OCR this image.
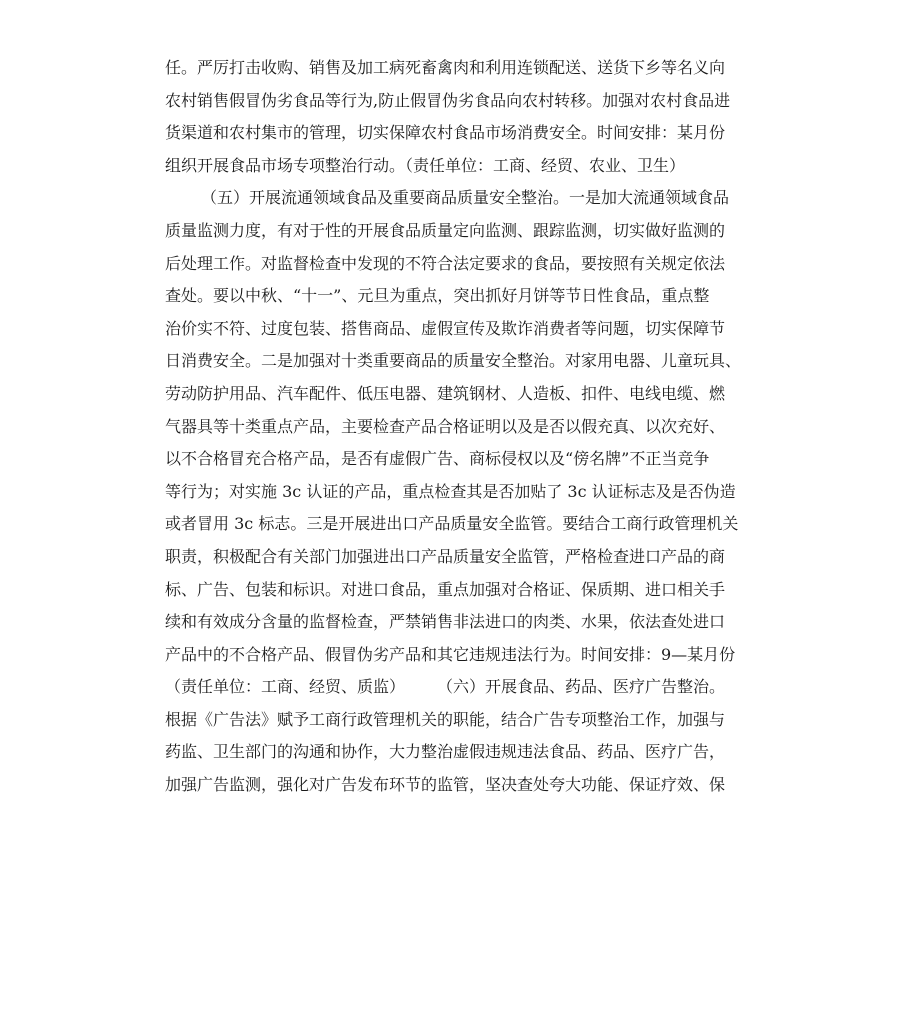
任。严厉打击收购、销售及加工病死畜禽肉和利用连锁配送、送货下乡等名义向
农村销售假冒伪劣食品等行为,防止假冒伪劣食品向农村转移。加强对农村食品进
货渠道和农村集市的管理，切实保障农村食品市场消费安全。时间安排：某月份
组织开展食品市场专项整治行动。（责任单位：工商、经贸、农业、卫生）
（五）开展流通领域食品及重要商品质量安全整治。一是加大流通领域食品
质量监测力度，有对于性的开展食品质量定向监测、跟踪监测，切实做好监测的
后处理工作。对监督检查中发现的不符合法定要求的食品，要按照有关规定依法
查处。要以中秋、“十一”、元旦为重点，突出抓好月饼等节日性食品，重点整
治价实不符、过度包装、搭售商品、虚假宣传及欺诈消费者等问题，切实保障节
日消费安全。二是加强对十类重要商品的质量安全整治。对家用电器、儿童玩具、
劳动防护用品、汽车配件、低压电器、建筑钢材、人造板、扣件、电线电缆、燃
气器具等十类重点产品，主要检查产品合格证明以及是否以假充真、以次充好、
以不合格冒充合格产品，是否有虚假广告、商标侵权以及“傍名牌”不正当竞争
等行为；对实施 3c 认证的产品，重点检查其是否加贴了 3c 认证标志及是否伪造
或者冒用 3c 标志。三是开展进出口产品质量安全监管。要结合工商行政管理机关
职责，积极配合有关部门加强进出口产品质量安全监管，严格检查进口产品的商
标、广告、包装和标识。对进口食品，重点加强对合格证、保质期、进口相关手
续和有效成分含量的监督检查，严禁销售非法进口的肉类、水果，依法查处进口
产品中的不合格产品、假冒伪劣产品和其它违规违法行为。时间安排：9—某月份
（责任单位：工商、经贸、质监）　　　（六）开展食品、药品、医疗广告整治。
根据《广告法》赋予工商行政管理机关的职能，结合广告专项整治工作，加强与
药监、卫生部门的沟通和协作，大力整治虚假违规违法食品、药品、医疗广告，
加强广告监测，强化对广告发布环节的监管，坚决查处夸大功能、保证疗效、保
